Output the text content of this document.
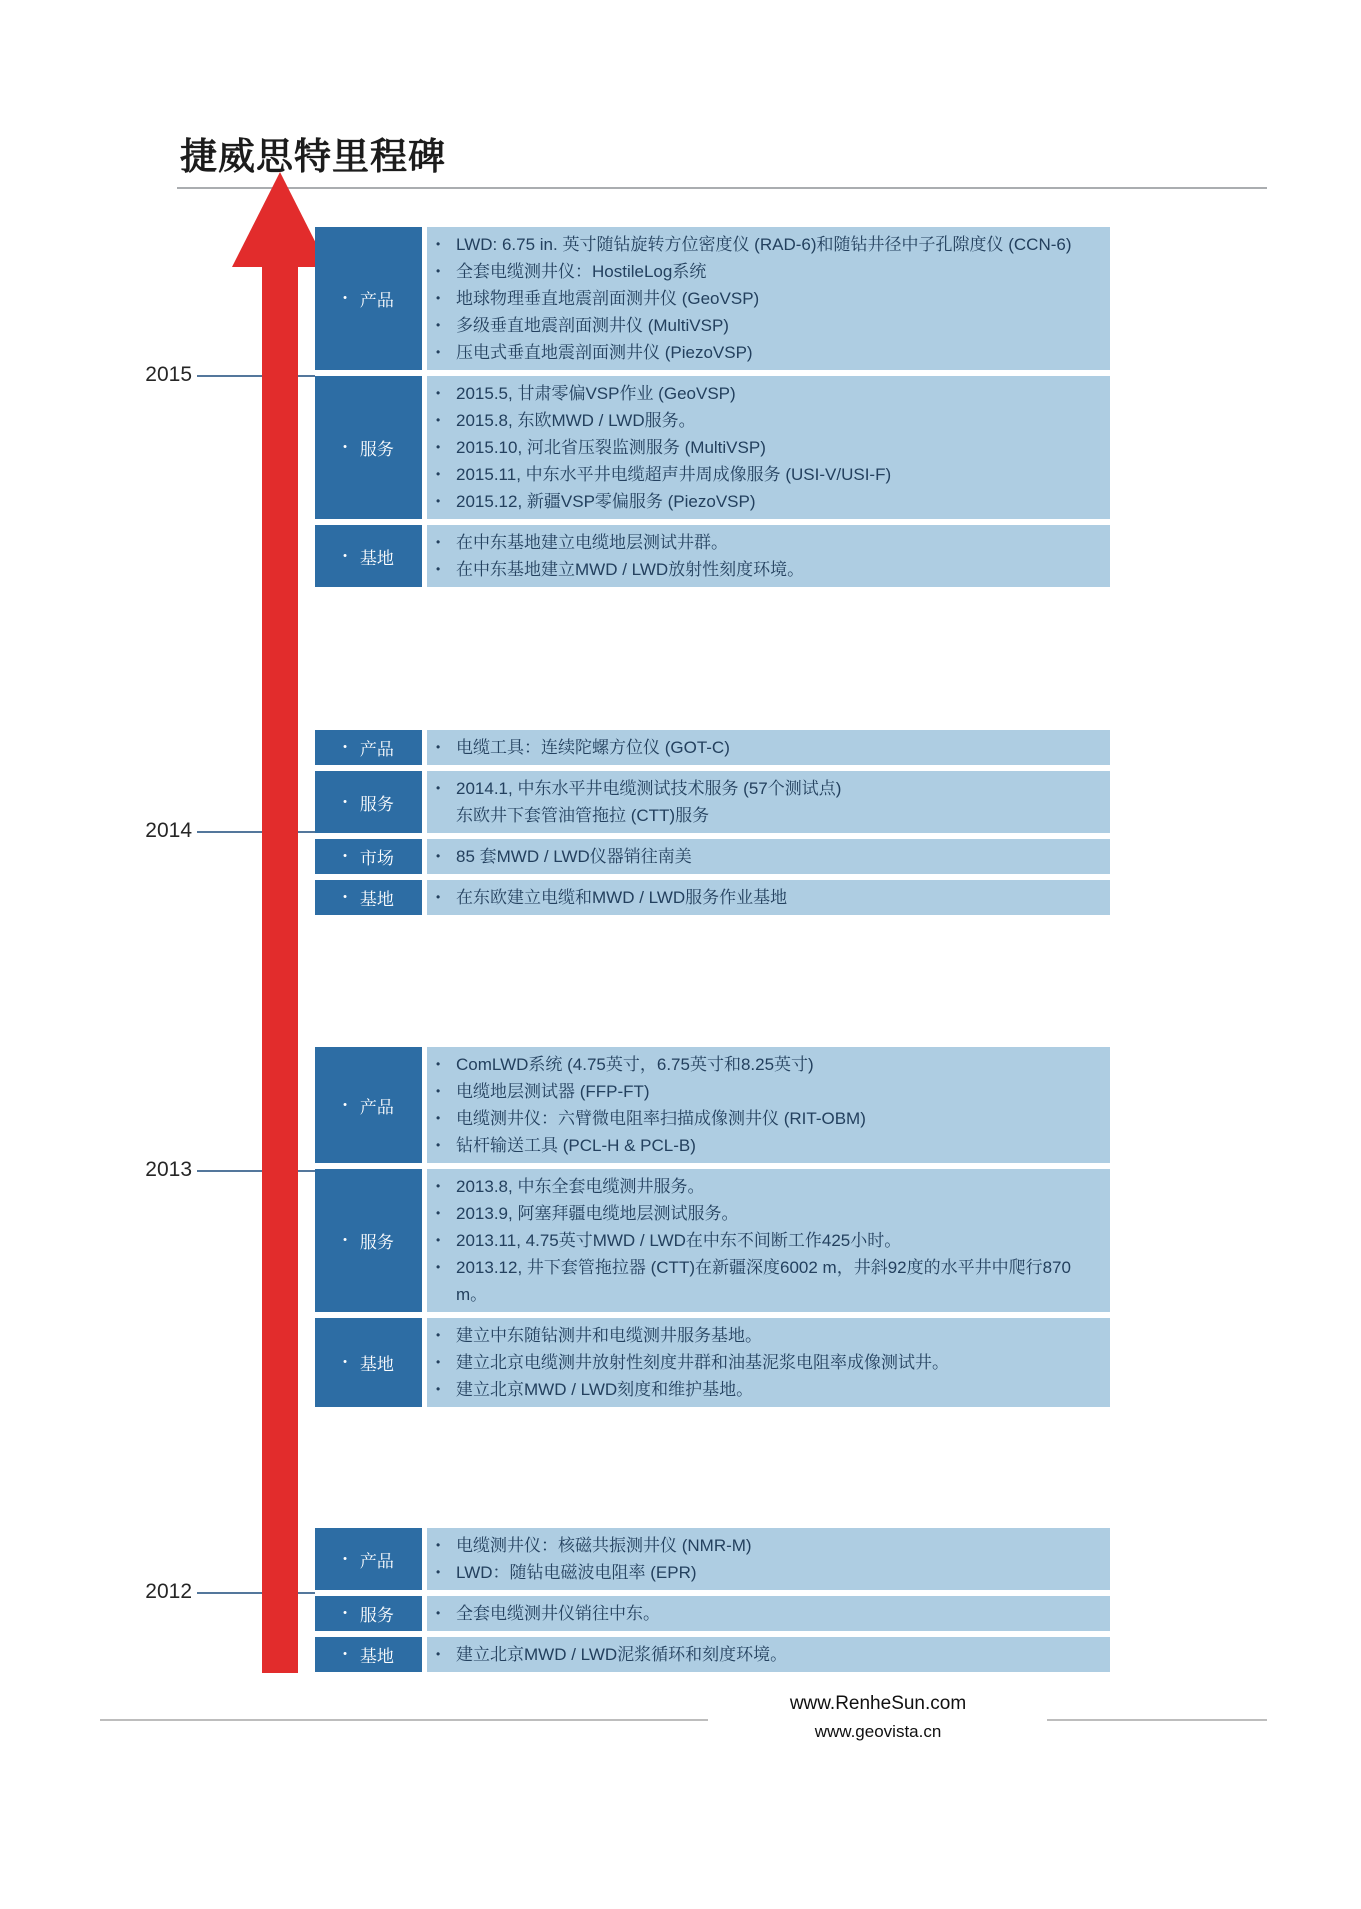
捷威思特里程碑
2015
2014
2013
2012
• 产品
• LWD: 6.75 in. 英寸随钻旋转方位密度仪 (RAD-6)和随钻井径中子孔隙度仪 (CCN-6)
• 全套电缆测井仪：HostileLog系统
• 地球物理垂直地震剖面测井仪 (GeoVSP)
• 多级垂直地震剖面测井仪 (MultiVSP)
• 压电式垂直地震剖面测井仪 (PiezoVSP)
• 服务
• 2015.5, 甘肃零偏VSP作业 (GeoVSP)
• 2015.8, 东欧MWD / LWD服务。
• 2015.10, 河北省压裂监测服务 (MultiVSP)
• 2015.11, 中东水平井电缆超声井周成像服务 (USI-V/USI-F)
• 2015.12, 新疆VSP零偏服务 (PiezoVSP)
• 基地
• 在中东基地建立电缆地层测试井群。
• 在中东基地建立MWD / LWD放射性刻度环境。
• 产品	• 电缆工具：连续陀螺方位仪 (GOT-C)
• 服务
• 2014.1, 中东水平井电缆测试技术服务 (57个测试点)
东欧井下套管油管拖拉 (CTT)服务
• 市场	• 85 套MWD / LWD仪器销往南美
• 基地	• 在东欧建立电缆和MWD / LWD服务作业基地
• 产品
• ComLWD系统 (4.75英寸，6.75英寸和8.25英寸)
• 电缆地层测试器 (FFP-FT)
• 电缆测井仪：六臂微电阻率扫描成像测井仪 (RIT-OBM)
• 钻杆输送工具 (PCL-H & PCL-B)
• 服务
• 2013.8, 中东全套电缆测井服务。
• 2013.9, 阿塞拜疆电缆地层测试服务。
• 2013.11, 4.75英寸MWD / LWD在中东不间断工作425小时。
• 2013.12, 井下套管拖拉器 (CTT)在新疆深度6002 m，井斜92度的水平井中爬行870 m。
• 基地
• 建立中东随钻测井和电缆测井服务基地。
• 建立北京电缆测井放射性刻度井群和油基泥浆电阻率成像测试井。
• 建立北京MWD / LWD刻度和维护基地。
• 产品
• 电缆测井仪：核磁共振测井仪 (NMR-M)
• LWD：随钻电磁波电阻率 (EPR)
• 服务	• 全套电缆测井仪销往中东。
• 基地	• 建立北京MWD / LWD泥浆循环和刻度环境。
www.RenheSun.com
www.geovista.cn
